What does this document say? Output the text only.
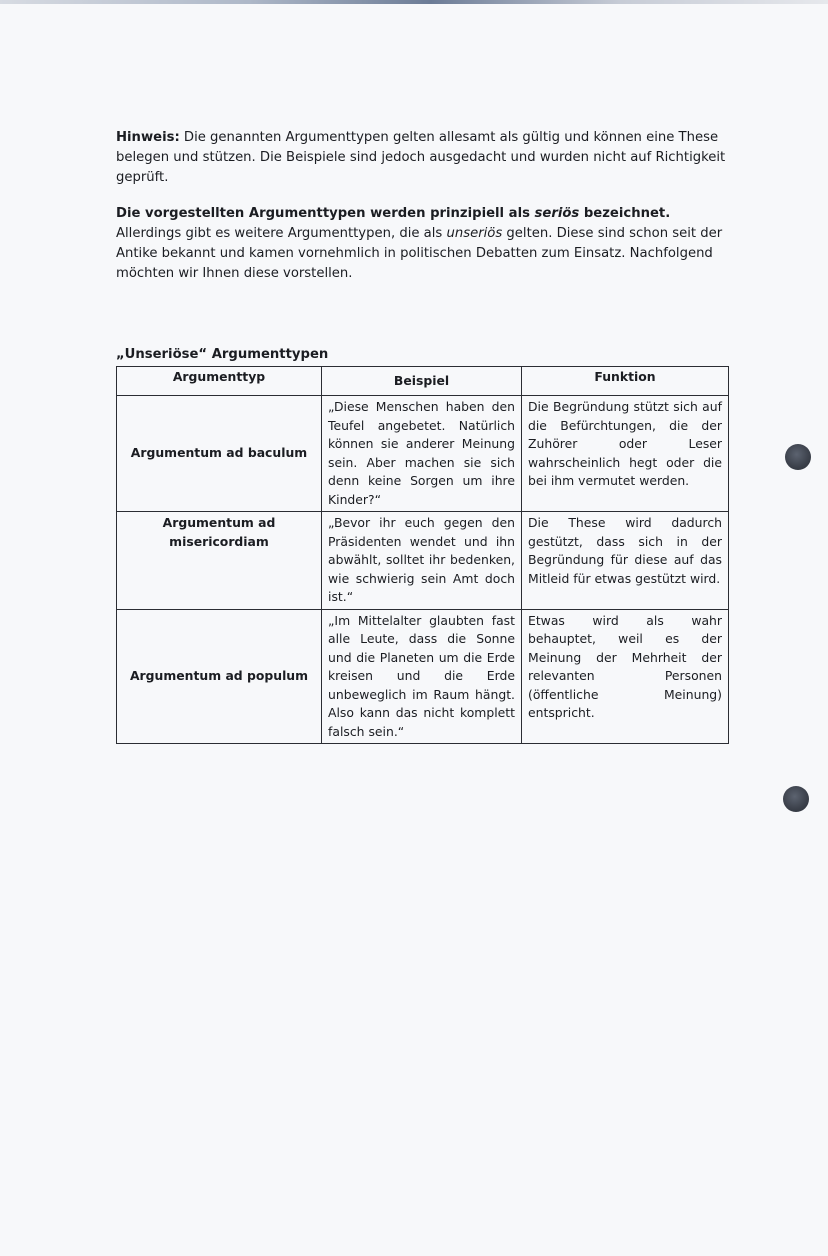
Hinweis: Die genannten Argumenttypen gelten allesamt als gültig und können eine These belegen und stützen. Die Beispiele sind jedoch ausgedacht und wurden nicht auf Richtigkeit geprüft.

Die vorgestellten Argumenttypen werden prinzipiell als seriös bezeichnet. Allerdings gibt es weitere Argumenttypen, die als unseriös gelten. Diese sind schon seit der Antike bekannt und kamen vornehmlich in politischen Debatten zum Einsatz. Nachfolgend möchten wir Ihnen diese vorstellen.

„Unseriöse“ Argumenttypen
Argumenttyp	Beispiel	Funktion
Argumentum ad baculum	„Diese Menschen haben den Teufel angebetet. Natürlich können sie anderer Meinung sein. Aber machen sie sich denn keine Sorgen um ihre Kinder?“	Die Begründung stützt sich auf die Befürchtungen, die der Zuhörer oder Leser wahrscheinlich hegt oder die bei ihm vermutet werden.
Argumentum ad misericordiam	„Bevor ihr euch gegen den Präsidenten wendet und ihn abwählt, solltet ihr bedenken, wie schwierig sein Amt doch ist.“	Die These wird dadurch gestützt, dass sich in der Begründung für diese auf das Mitleid für etwas gestützt wird.
Argumentum ad populum	„Im Mittelalter glaubten fast alle Leute, dass die Sonne und die Planeten um die Erde kreisen und die Erde unbeweglich im Raum hängt. Also kann das nicht komplett falsch sein.“	Etwas wird als wahr behauptet, weil es der Meinung der Mehrheit der relevanten Personen (öffentliche Meinung) entspricht.
